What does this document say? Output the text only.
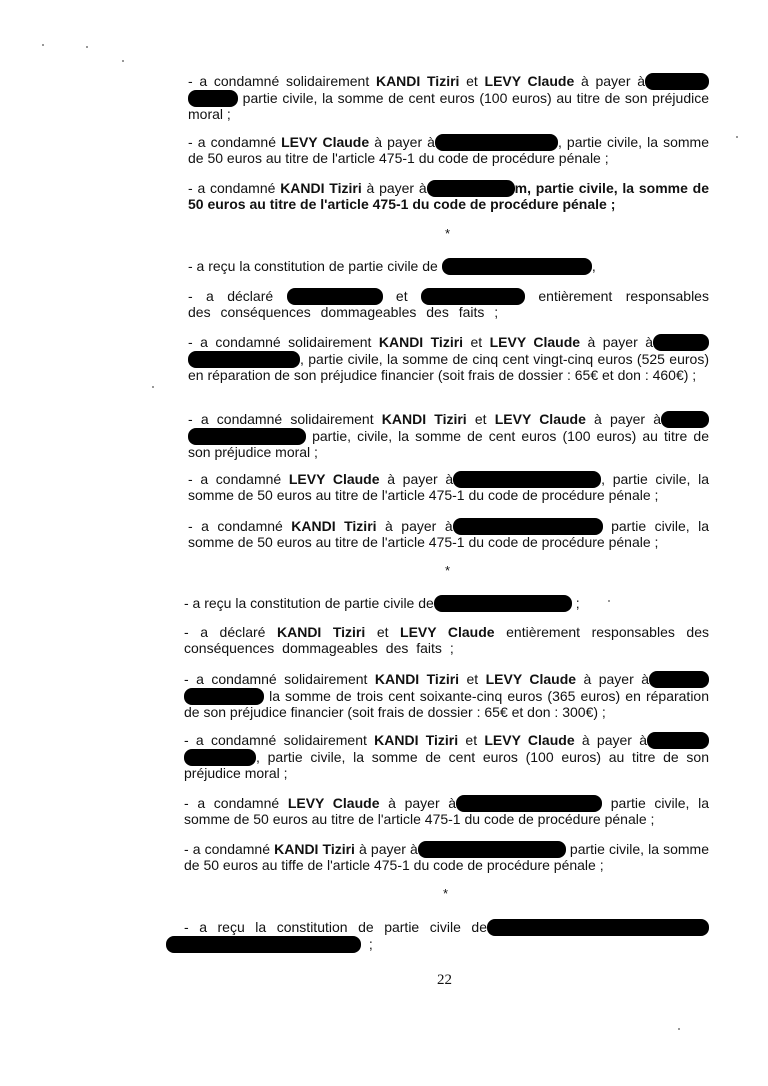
- a condamné solidairement KANDI Tiziri et LEVY Claude à payer à partie civile, la somme de cent euros (100 euros) au titre de son préjudice moral ;

- a condamné LEVY Claude à payer à	, partie civile, la somme de 50 euros au titre de l'article 475-1 du code de procédure pénale ;

- a condamné KANDI Tiziri à payer à	m, partie civile, la somme de 50 euros au titre de l'article 475-1 du code de procédure pénale ;

*

- a reçu la constitution de partie civile de	,

- a déclaré	et	entièrement responsables des conséquences dommageables des faits ;

- a condamné solidairement KANDI Tiziri et LEVY Claude à payer à, partie civile, la somme de cinq cent vingt-cinq euros (525 euros) en réparation de son préjudice financier (soit frais de dossier : 65€ et don : 460€) ;

- a condamné solidairement KANDI Tiziri et LEVY Claude à payer à partie, civile, la somme de cent euros (100 euros) au titre de son préjudice moral ;

- a condamné LEVY Claude à payer à	, partie civile, la somme de 50 euros au titre de l'article 475-1 du code de procédure pénale ;

- a condamné KANDI Tiziri à payer à	partie civile, la somme de 50 euros au titre de l'article 475-1 du code de procédure pénale ;

*

- a reçu la constitution de partie civile de	;

- a déclaré KANDI Tiziri et LEVY Claude entièrement responsables des conséquences dommageables des faits ;

- a condamné solidairement KANDI Tiziri et LEVY Claude à payer à la somme de trois cent soixante-cinq euros (365 euros) en réparation de son préjudice financier (soit frais de dossier : 65€ et don : 300€) ;

- a condamné solidairement KANDI Tiziri et LEVY Claude à payer à, partie civile, la somme de cent euros (100 euros) au titre de son préjudice moral ;

- a condamné LEVY Claude à payer à	partie civile, la somme de 50 euros au titre de l'article 475-1 du code de procédure pénale ;

- a condamné KANDI Tiziri à payer à	partie civile, la somme de 50 euros au tiffe de l'article 475-1 du code de procédure pénale ;

*

- a reçu la constitution de partie civile de ;

22
